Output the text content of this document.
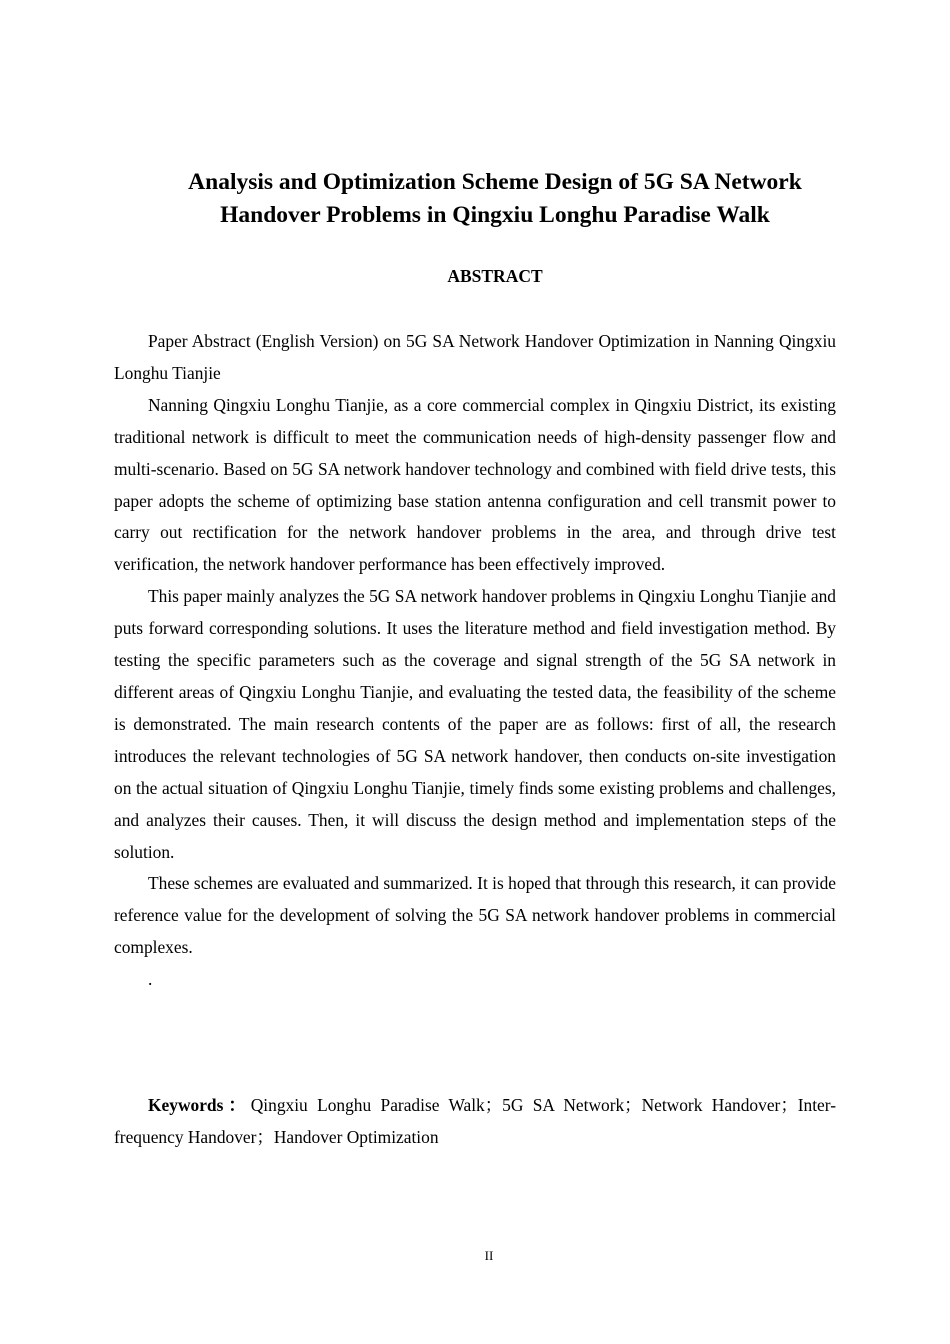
Analysis and Optimization Scheme Design of 5G SA Network
Handover Problems in Qingxiu Longhu Paradise Walk
ABSTRACT

Paper Abstract (English Version) on 5G SA Network Handover Optimization in Nanning Qingxiu Longhu Tianjie

Nanning Qingxiu Longhu Tianjie, as a core commercial complex in Qingxiu District, its existing traditional network is difficult to meet the communication needs of high-density passenger flow and multi-scenario. Based on 5G SA network handover technology and combined with field drive tests, this paper adopts the scheme of optimizing base station antenna configuration and cell transmit power to carry out rectification for the network handover problems in the area, and through drive test verification, the network handover performance has been effectively improved.

This paper mainly analyzes the 5G SA network handover problems in Qingxiu Longhu Tianjie and puts forward corresponding solutions. It uses the literature method and field investigation method. By testing the specific parameters such as the coverage and signal strength of the 5G SA network in different areas of Qingxiu Longhu Tianjie, and evaluating the tested data, the feasibility of the scheme is demonstrated. The main research contents of the paper are as follows: first of all, the research introduces the relevant technologies of 5G SA network handover, then conducts on-site investigation on the actual situation of Qingxiu Longhu Tianjie, timely finds some existing problems and challenges, and analyzes their causes. Then, it will discuss the design method and implementation steps of the solution.

These schemes are evaluated and summarized. It is hoped that through this research, it can provide reference value for the development of solving the 5G SA network handover problems in commercial complexes.

.

Keywords：Qingxiu Longhu Paradise Walk；5G SA Network；Network Handover；Inter-frequency Handover；Handover Optimization

II
